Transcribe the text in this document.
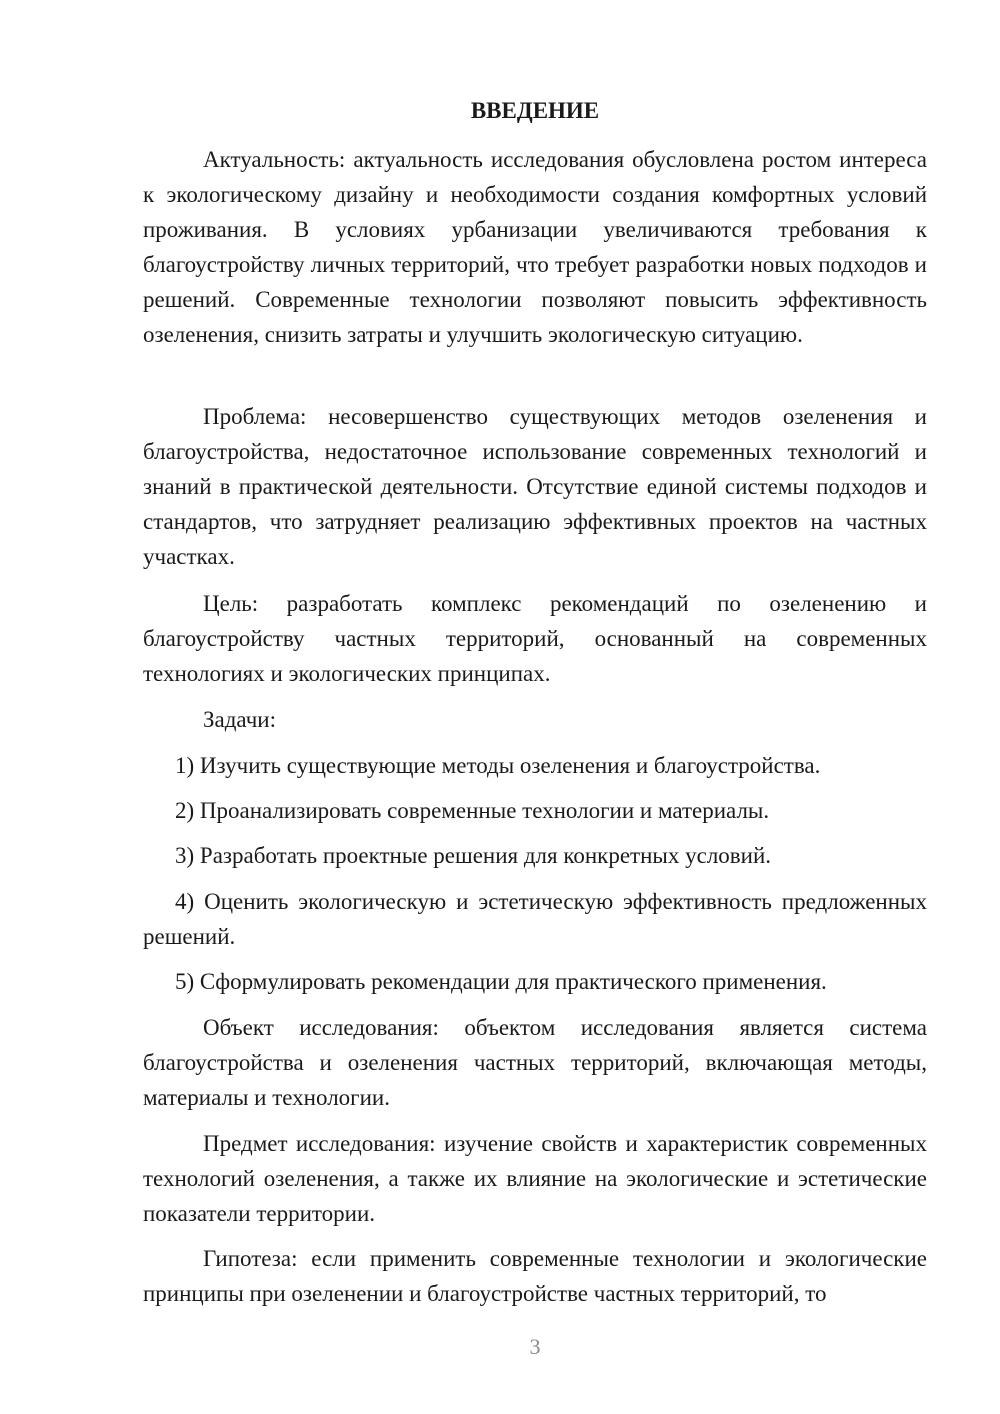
ВВЕДЕНИЕ

Актуальность: актуальность исследования обусловлена ростом интереса к экологическому дизайну и необходимости создания комфортных условий проживания. В условиях урбанизации увеличиваются требования к благоустройству личных территорий, что требует разработки новых подходов и решений. Современные технологии позволяют повысить эффективность озеленения, снизить затраты и улучшить экологическую ситуацию.

Проблема: несовершенство существующих методов озеленения и благоустройства, недостаточное использование современных технологий и знаний в практической деятельности. Отсутствие единой системы подходов и стандартов, что затрудняет реализацию эффективных проектов на частных участках.

Цель: разработать комплекс рекомендаций по озеленению и благоустройству частных территорий, основанный на современных технологиях и экологических принципах.

Задачи:

1) Изучить существующие методы озеленения и благоустройства.

2) Проанализировать современные технологии и материалы.

3) Разработать проектные решения для конкретных условий.

4) Оценить экологическую и эстетическую эффективность предложенных решений.

5) Сформулировать рекомендации для практического применения.

Объект исследования: объектом исследования является система благоустройства и озеленения частных территорий, включающая методы, материалы и технологии.

Предмет исследования: изучение свойств и характеристик современных технологий озеленения, а также их влияние на экологические и эстетические показатели территории.

Гипотеза: если применить современные технологии и экологические принципы при озеленении и благоустройстве частных территорий, то

3
